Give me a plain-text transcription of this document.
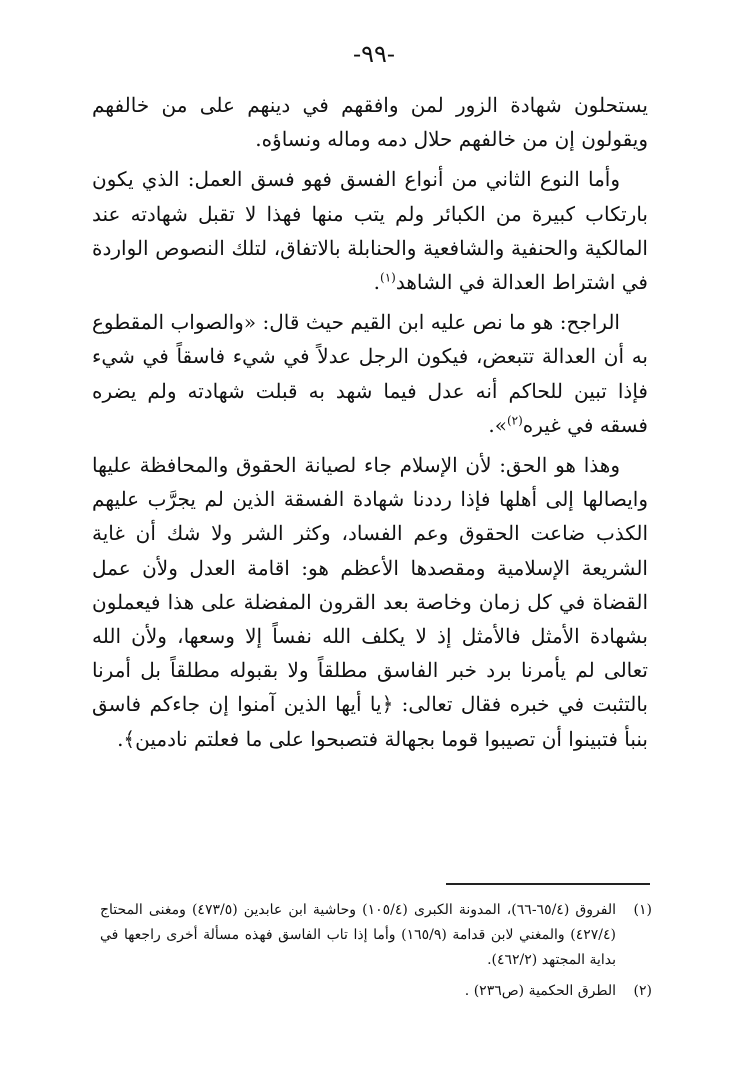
-٩٩-

يستحلون شهادة الزور لمن وافقهم في دينهم على من خالفهم ويقولون إن من خالفهم حلال دمه وماله ونساؤه.

وأما النوع الثاني من أنواع الفسق فهو فسق العمل: الذي يكون بارتكاب كبيرة من الكبائر ولم يتب منها فهذا لا تقبل شهادته عند المالكية والحنفية والشافعية والحنابلة بالاتفاق، لتلك النصوص الواردة في اشتراط العدالة في الشاهد$^{(١)}$.

الراجح: هو ما نص عليه ابن القيم حيث قال: «والصواب المقطوع به أن العدالة تتبعض، فيكون الرجل عدلاً في شيء فاسقاً في شيء فإذا تبين للحاكم أنه عدل فيما شهد به قبلت شهادته ولم يضره فسقه في غيره$^{(٢)}$».

وهذا هو الحق: لأن الإسلام جاء لصيانة الحقوق والمحافظة عليها وايصالها إلى أهلها فإذا رددنا شهادة الفسقة الذين لم يجرَّب عليهم الكذب ضاعت الحقوق وعم الفساد، وكثر الشر ولا شك أن غاية الشريعة الإسلامية ومقصدها الأعظم هو: اقامة العدل ولأن عمل القضاة في كل زمان وخاصة بعد القرون المفضلة على هذا فيعملون بشهادة الأمثل فالأمثل إذ لا يكلف الله نفساً إلا وسعها، ولأن الله تعالى لم يأمرنا برد خبر الفاسق مطلقاً ولا بقبوله مطلقاً بل أمرنا بالتثبت في خبره فقال تعالى: ﴿يا أيها الذين آمنوا إن جاءكم فاسق بنبأ فتبينوا أن تصيبوا قوما بجهالة فتصبحوا على ما فعلتم نادمين﴾.

(١)
الفروق (٦٥/٤-٦٦)، المدونة الكبرى (١٠٥/٤) وحاشية ابن عابدين (٤٧٣/٥) ومغنى المحتاج (٤٢٧/٤) والمغني لابن قدامة (١٦٥/٩) وأما إذا تاب الفاسق فهذه مسألة أخرى راجعها في بداية المجتهد (٤٦٢/٢).
(٢)
الطرق الحكمية (ص٢٣٦) .
